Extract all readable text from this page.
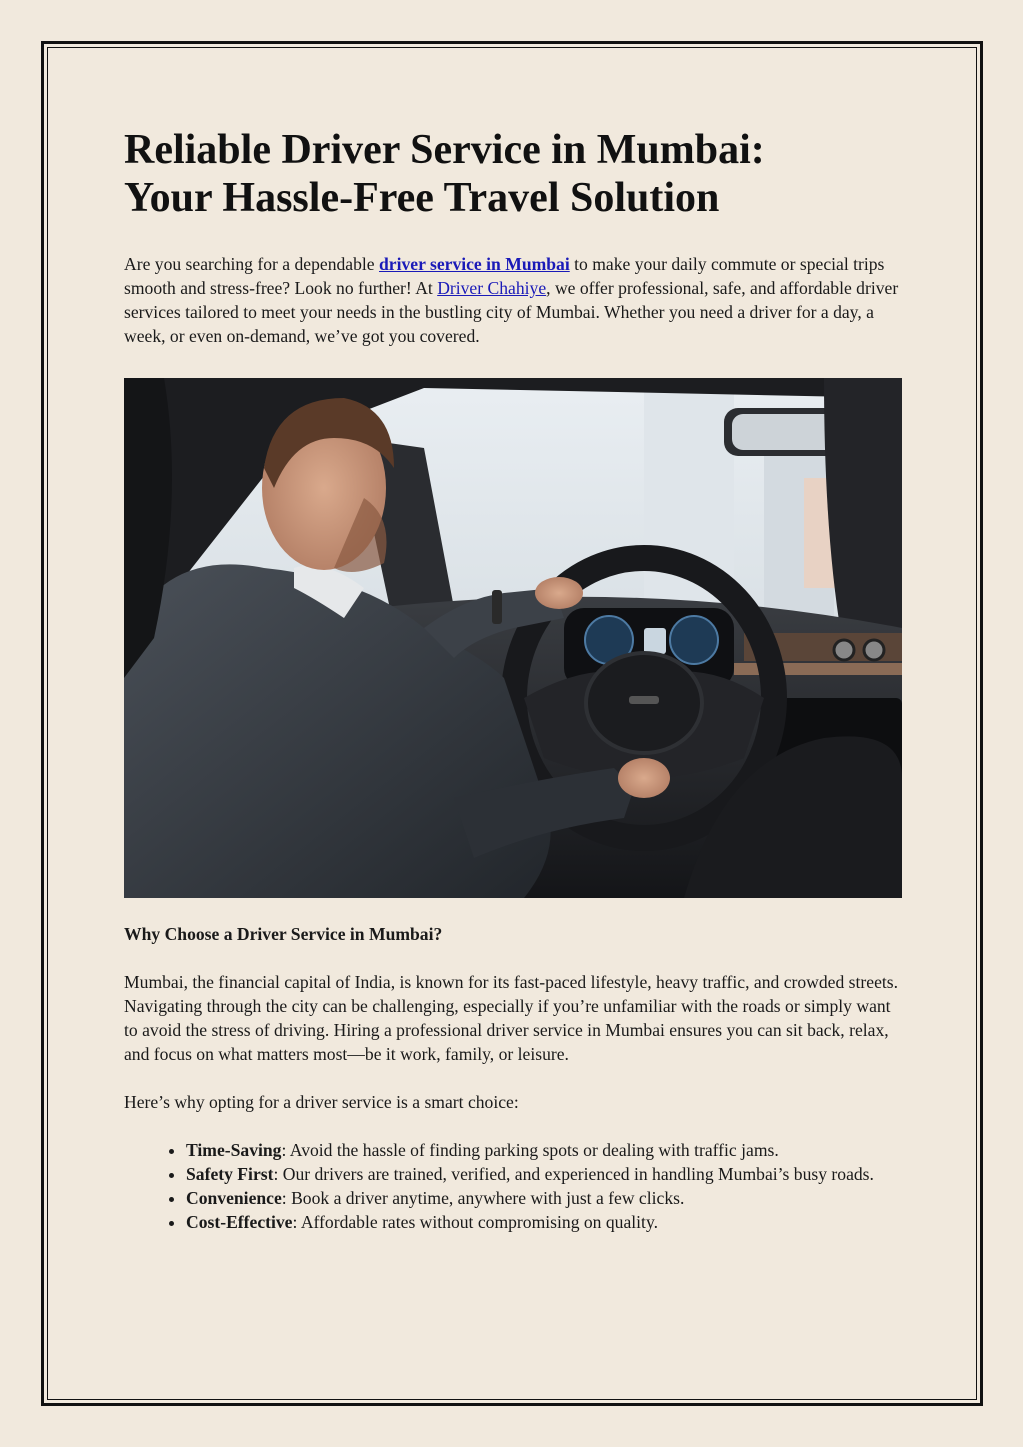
Reliable Driver Service in Mumbai:
Your Hassle-Free Travel Solution

Are you searching for a dependable driver service in Mumbai to make your daily commute or special trips smooth and stress-free? Look no further! At Driver Chahiye, we offer professional, safe, and affordable driver services tailored to meet your needs in the bustling city of Mumbai. Whether you need a driver for a day, a week, or even on-demand, we’ve got you covered.

Why Choose a Driver Service in Mumbai?

Mumbai, the financial capital of India, is known for its fast-paced lifestyle, heavy traffic, and crowded streets. Navigating through the city can be challenging, especially if you’re unfamiliar with the roads or simply want to avoid the stress of driving. Hiring a professional driver service in Mumbai ensures you can sit back, relax, and focus on what matters most—be it work, family, or leisure.

Here’s why opting for a driver service is a smart choice:

• Time-Saving: Avoid the hassle of finding parking spots or dealing with traffic jams.
• Safety First: Our drivers are trained, verified, and experienced in handling Mumbai’s busy roads.
• Convenience: Book a driver anytime, anywhere with just a few clicks.
• Cost-Effective: Affordable rates without compromising on quality.
